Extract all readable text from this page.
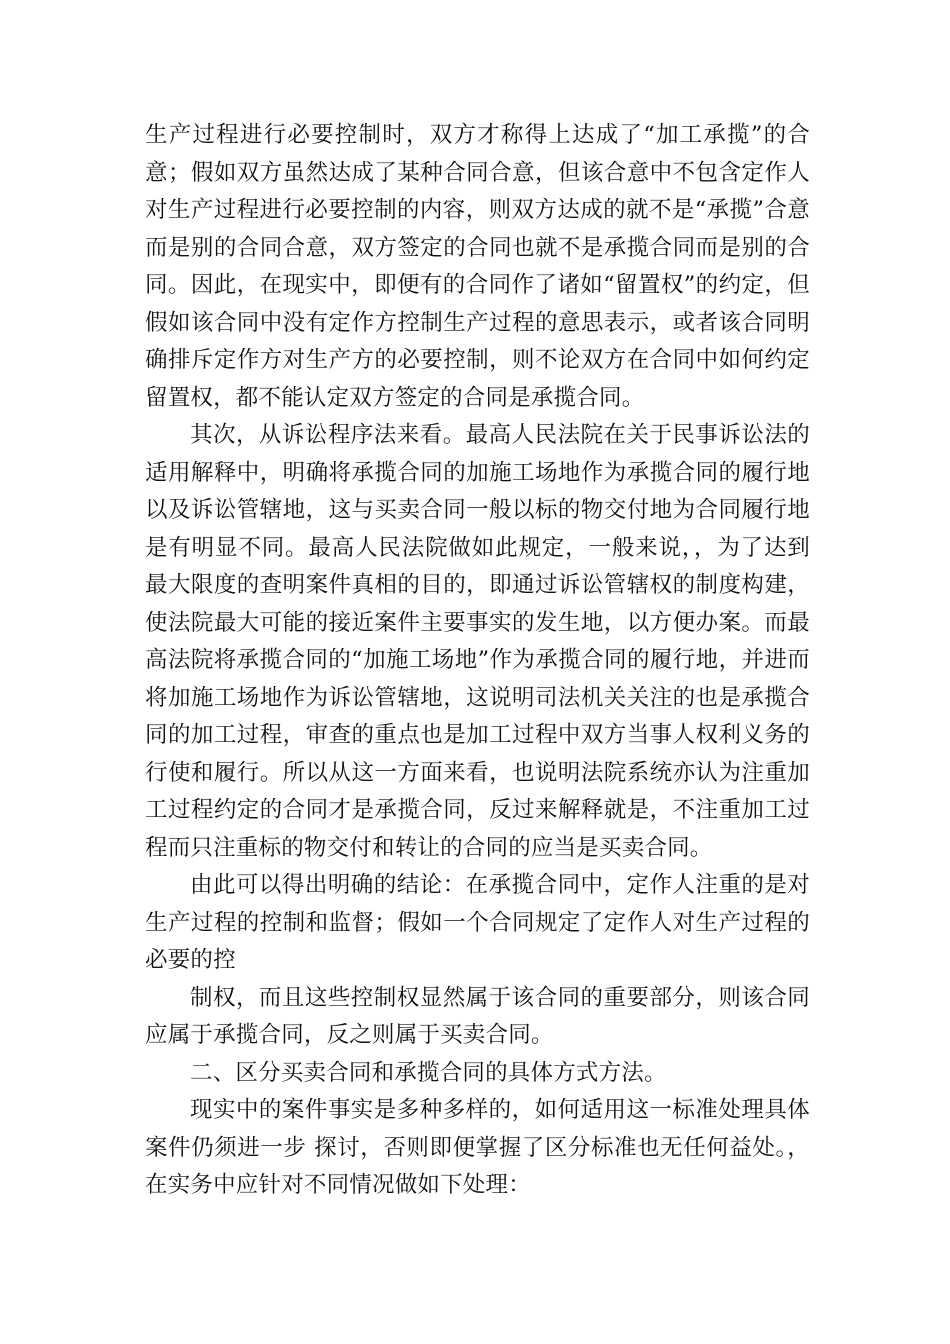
生产过程进行必要控制时，双方才称得上达成了“加工承揽”的合意；假如双方虽然达成了某种合同合意，但该合意中不包含定作人对生产过程进行必要控制的内容，则双方达成的就不是“承揽”合意而是别的合同合意，双方签定的合同也就不是承揽合同而是别的合同。因此，在现实中，即便有的合同作了诸如“留置权”的约定，但假如该合同中没有定作方控制生产过程的意思表示，或者该合同明确排斥定作方对生产方的必要控制，则不论双方在合同中如何约定留置权，都不能认定双方签定的合同是承揽合同。

其次，从诉讼程序法来看。最高人民法院在关于民事诉讼法的适用解释中，明确将承揽合同的加施工场地作为承揽合同的履行地以及诉讼管辖地，这与买卖合同一般以标的物交付地为合同履行地是有明显不同。最高人民法院做如此规定，一般来说，，为了达到最大限度的查明案件真相的目的，即通过诉讼管辖权的制度构建，使法院最大可能的接近案件主要事实的发生地，以方便办案。而最高法院将承揽合同的“加施工场地”作为承揽合同的履行地，并进而将加施工场地作为诉讼管辖地，这说明司法机关关注的也是承揽合同的加工过程，审查的重点也是加工过程中双方当事人权利义务的行使和履行。所以从这一方面来看，也说明法院系统亦认为注重加工过程约定的合同才是承揽合同，反过来解释就是，不注重加工过程而只注重标的物交付和转让的合同的应当是买卖合同。

由此可以得出明确的结论：在承揽合同中，定作人注重的是对生产过程的控制和监督；假如一个合同规定了定作人对生产过程的必要的控

制权，而且这些控制权显然属于该合同的重要部分，则该合同应属于承揽合同，反之则属于买卖合同。

二、区分买卖合同和承揽合同的具体方式方法。

现实中的案件事实是多种多样的，如何适用这一标准处理具体案件仍须进一步 探讨，否则即便掌握了区分标准也无任何益处。，在实务中应针对不同情况做如下处理：
